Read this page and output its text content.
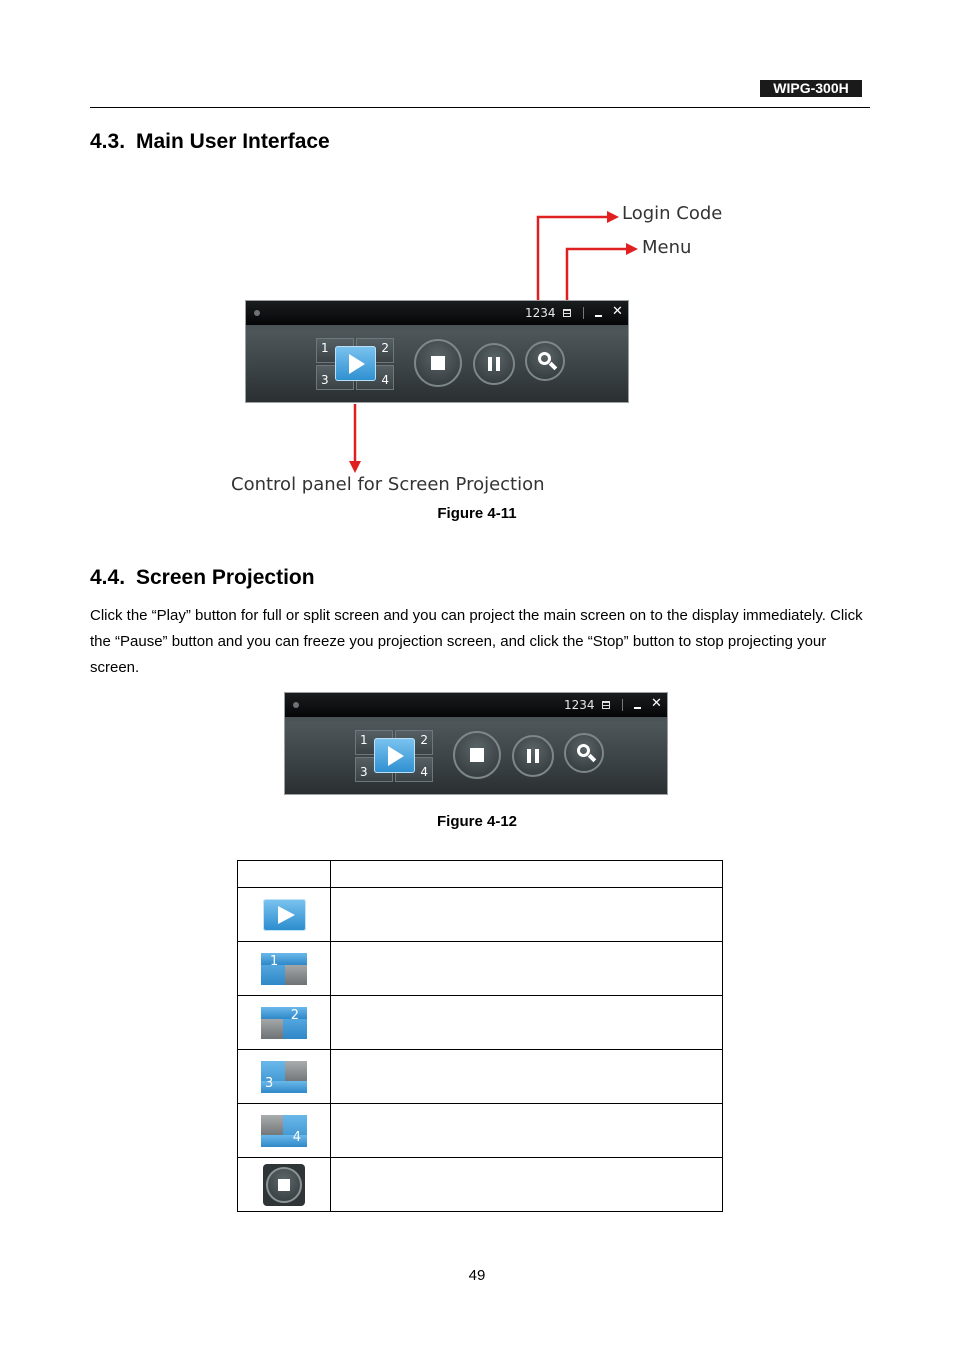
WIPG-300H
4.3. Main User Interface
Login Code
Menu
Control panel for Screen Projection
1234	✕
1	2
3	4
Figure 4-11
4.4. Screen Projection
Click the “Play” button for full or split screen and you can project the main screen on to the display immediately. Click the “Pause” button and you can freeze you projection screen, and click the “Stop” button to stop projecting your screen.
1234	✕
1	2
3	4
Figure 4-12

1	

2	

3	

4	

49
